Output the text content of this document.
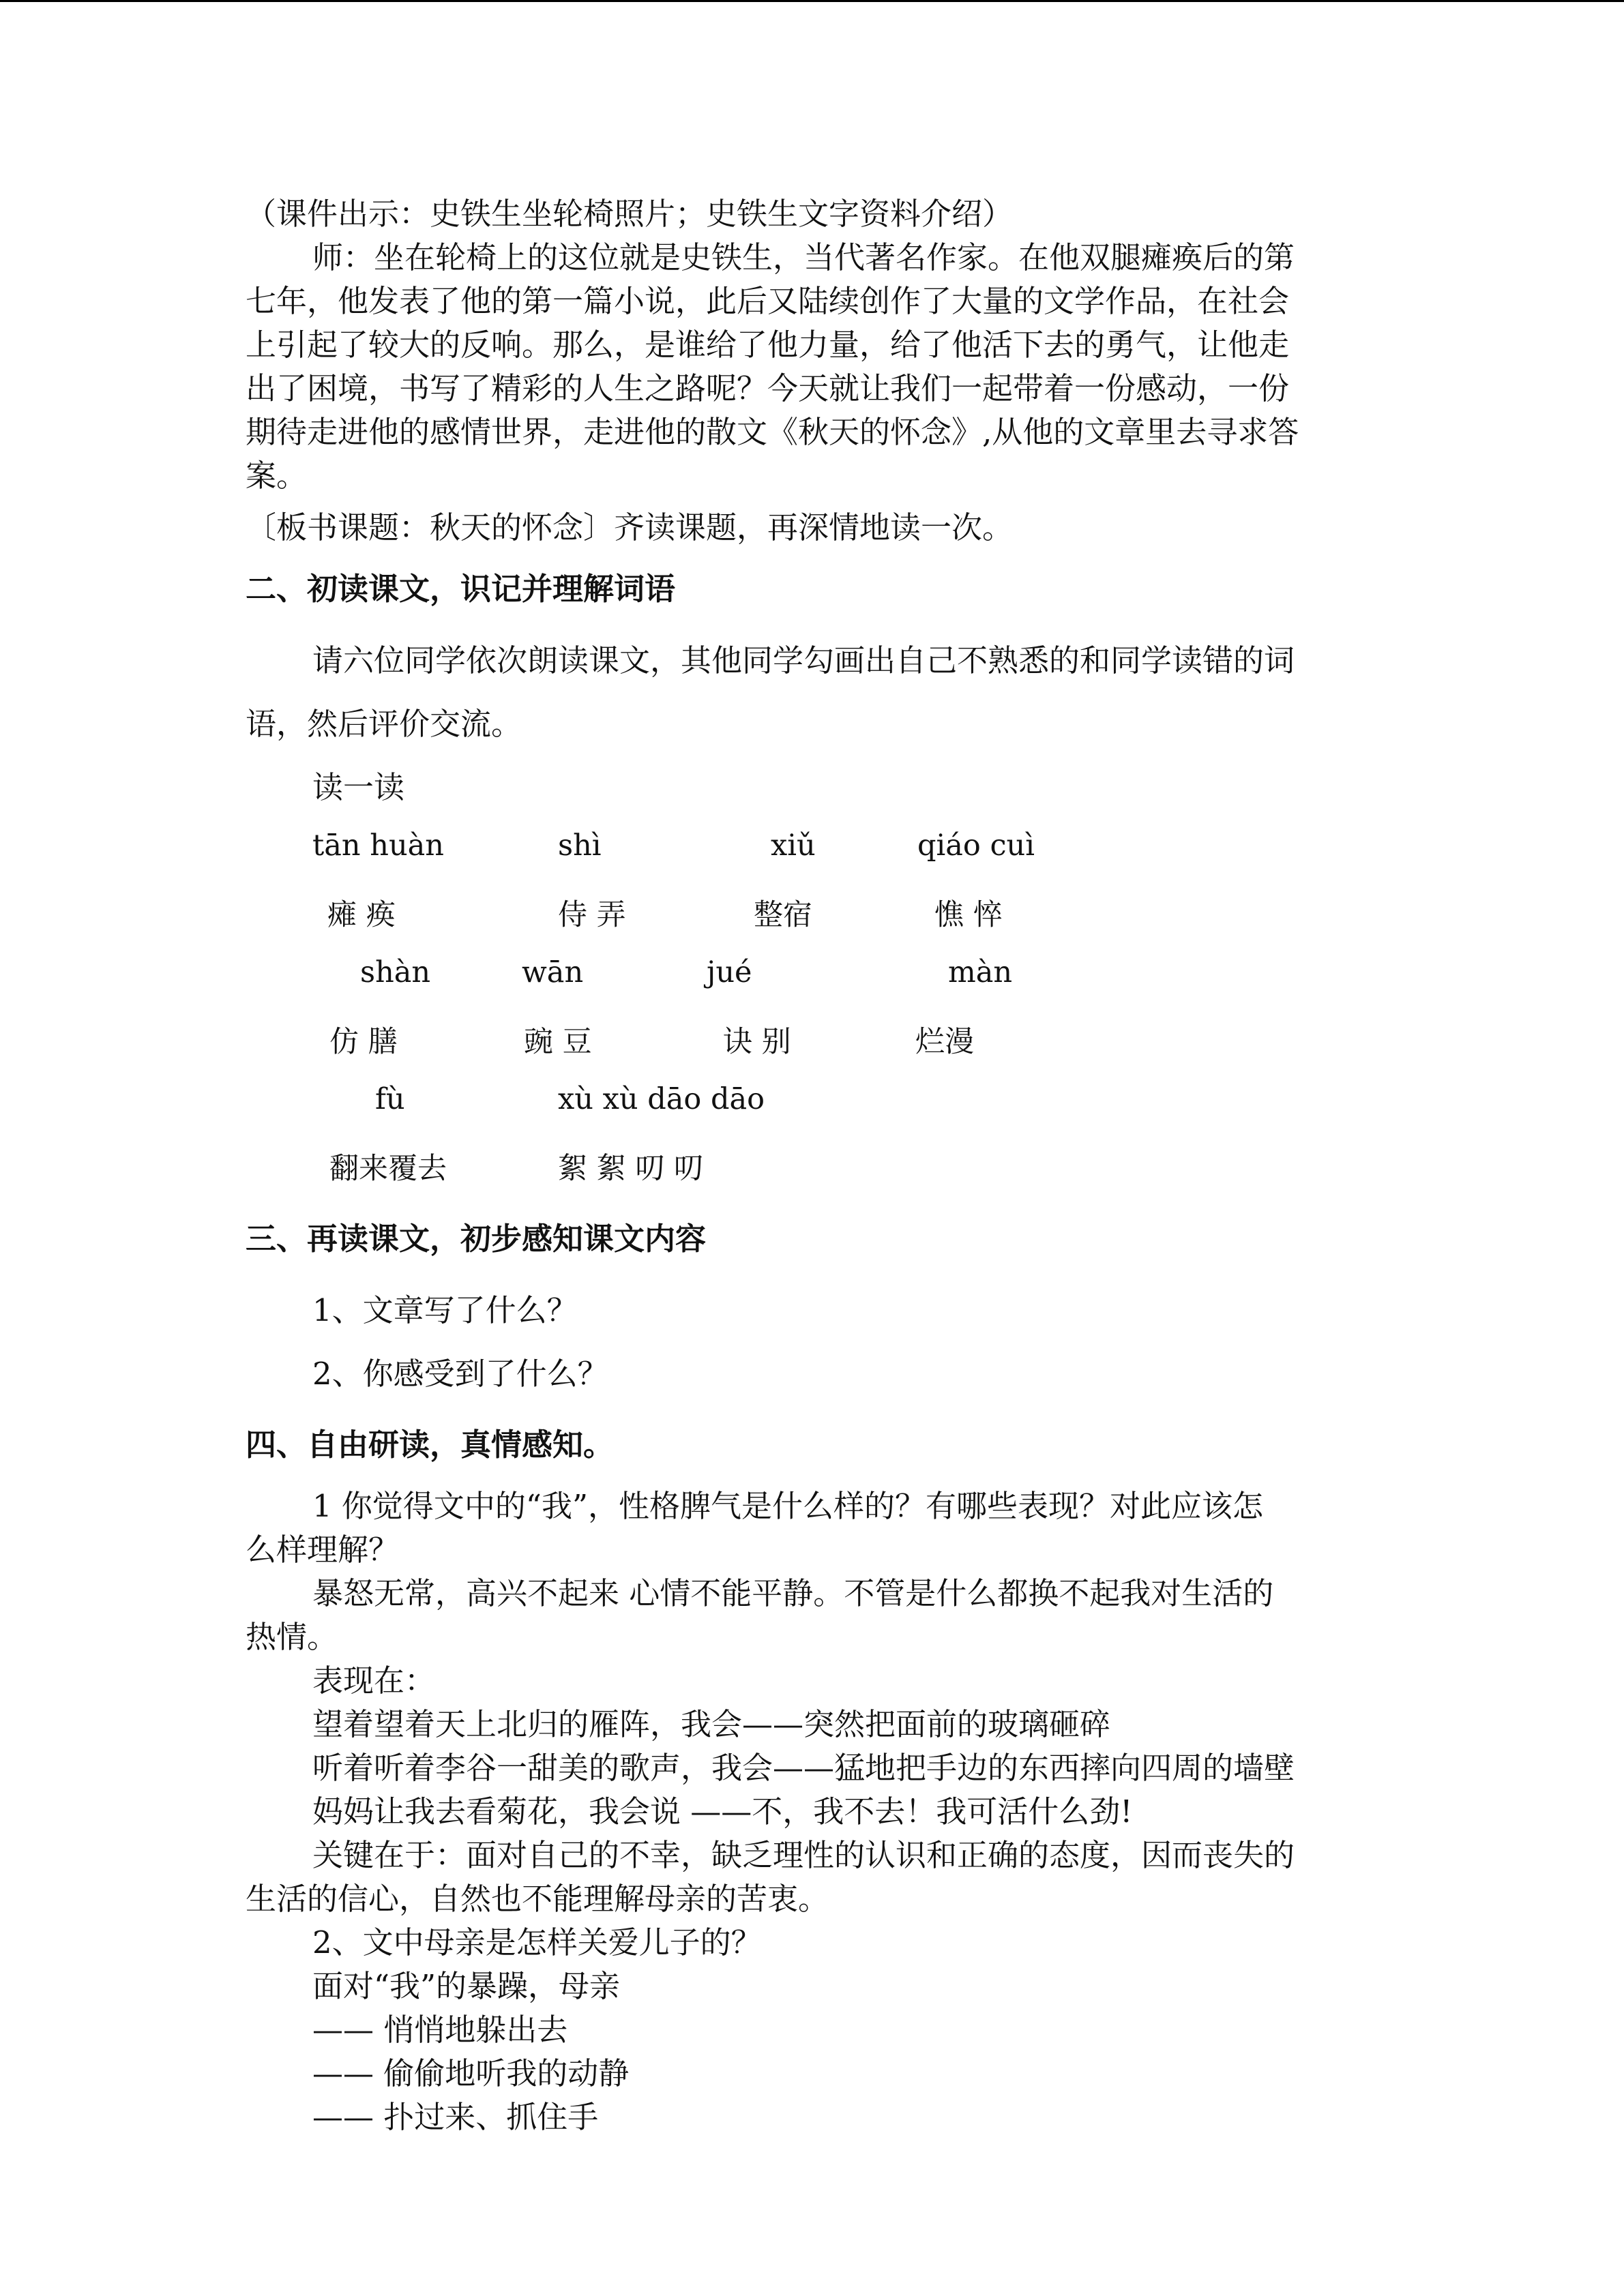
（课件出示：史铁生坐轮椅照片；史铁生文字资料介绍）

师：坐在轮椅上的这位就是史铁生，当代著名作家。在他双腿瘫痪后的第

七年，他发表了他的第一篇小说，此后又陆续创作了大量的文学作品，在社会

上引起了较大的反响。那么，是谁给了他力量，给了他活下去的勇气，让他走

出了困境，书写了精彩的人生之路呢？今天就让我们一起带着一份感动，一份

期待走进他的感情世界，走进他的散文《秋天的怀念》,从他的文章里去寻求答

案。

〔板书课题：秋天的怀念〕齐读课题，再深情地读一次。

二、初读课文，识记并理解词语

请六位同学依次朗读课文，其他同学勾画出自己不熟悉的和同学读错的词

语，然后评价交流。

读一读

tān huàn	shì	xiǔ	qiáo cuì
瘫 痪	侍 弄	整宿	憔 悴
shàn	wān	jué	màn
仿 膳	豌 豆	诀 别	烂漫
fù	xù xù dāo dāo
翻来覆去	絮 絮 叨 叨

三、再读课文，初步感知课文内容

1、文章写了什么？

2、你感受到了什么？

四、自由研读，真情感知。

1 你觉得文中的“我”，性格脾气是什么样的？有哪些表现？对此应该怎

么样理解？

暴怒无常，高兴不起来 心情不能平静。不管是什么都换不起我对生活的

热情。

表现在：

望着望着天上北归的雁阵，我会——突然把面前的玻璃砸碎

听着听着李谷一甜美的歌声，我会——猛地把手边的东西摔向四周的墙壁

妈妈让我去看菊花，我会说 ——不，我不去！我可活什么劲!

关键在于：面对自己的不幸，缺乏理性的认识和正确的态度，因而丧失的

生活的信心，自然也不能理解母亲的苦衷。

2、文中母亲是怎样关爱儿子的？

面对“我”的暴躁，母亲

—— 悄悄地躲出去

—— 偷偷地听我的动静

—— 扑过来、抓住手
